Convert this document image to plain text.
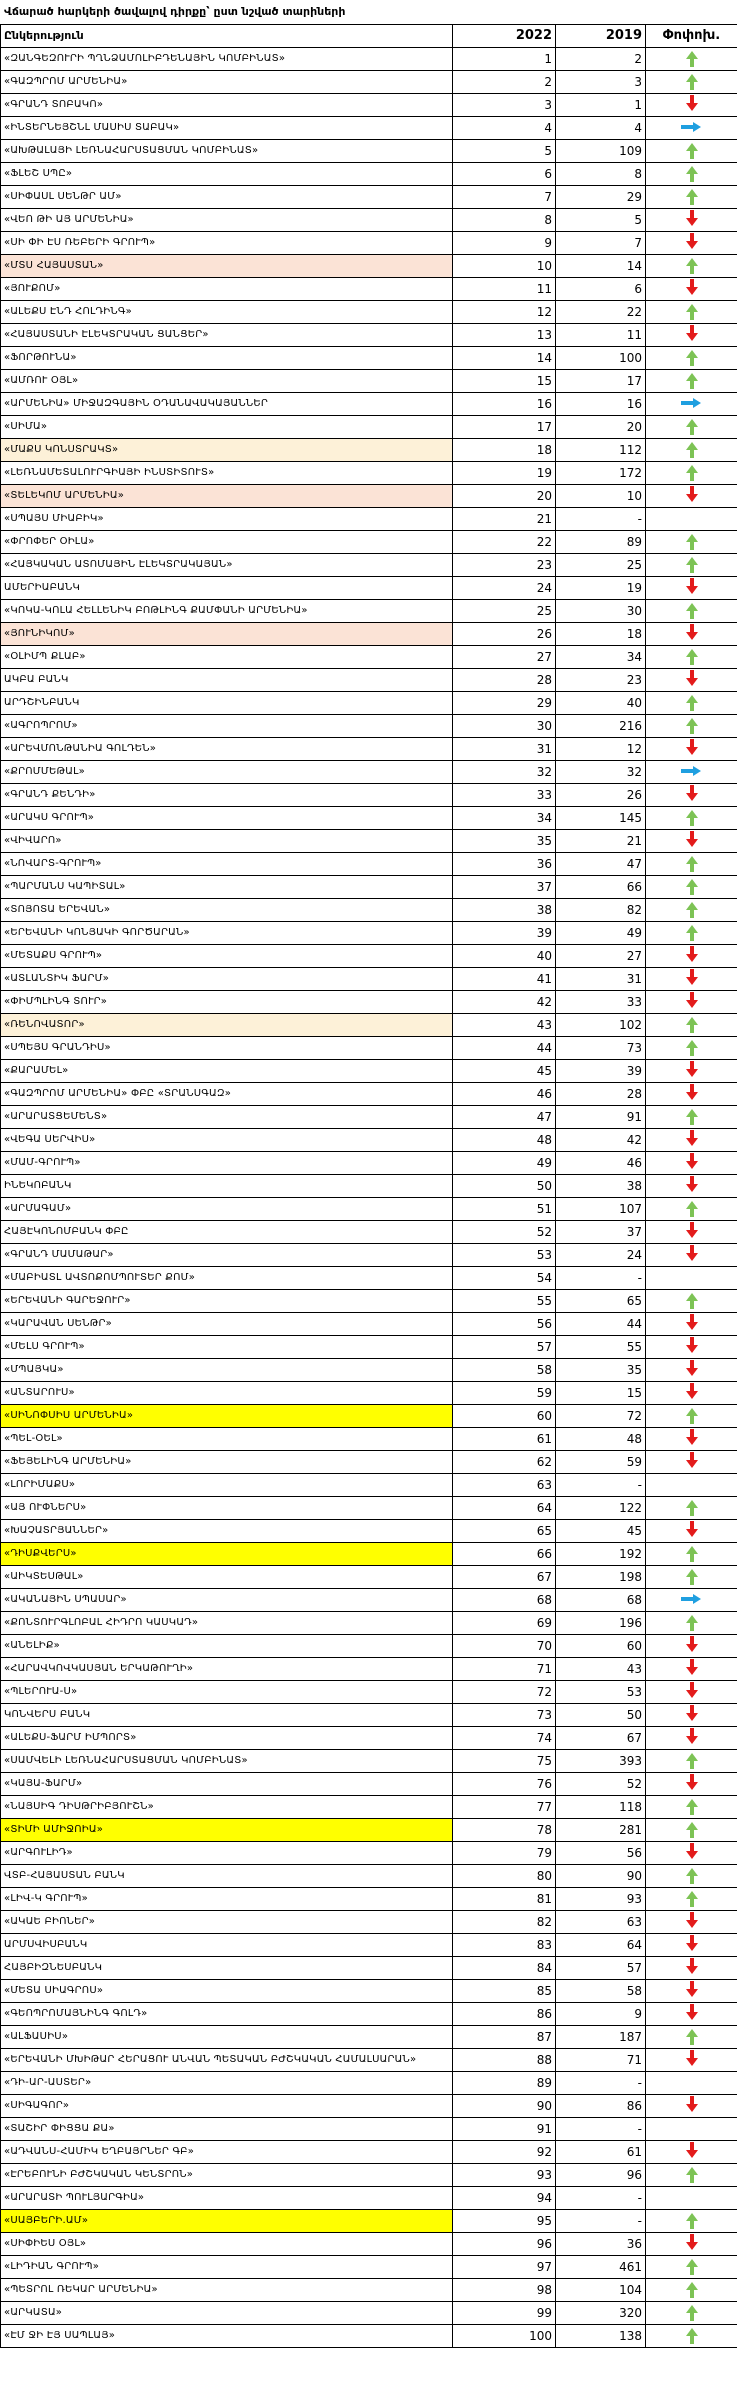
Վճարած հարկերի ծավալով դիրքը՝ ըստ նշված տարիների
Ընկերություն	2022	2019	Փոփոխ.
«ԶԱՆԳԵԶՈՒՐԻ ՊՂՆՁԱՄՈԼԻԲԴԵՆԱՅԻՆ ԿՈՄԲԻՆԱՏ»	1	2	
«ԳԱԶՊՐՈՄ ԱՐՄԵՆԻԱ»	2	3	
«ԳՐԱՆԴ ՏՈԲԱԿՈ»	3	1	
«ԻՆՏԵՐՆԵՅՇՆԼ ՄԱՍԻՍ ՏԱԲԱԿ»	4	4	
«ԱԽԹԱԼԱՅԻ ԼԵՌՆԱՀԱՐՍՏԱՑՄԱՆ ԿՈՄԲԻՆԱՏ»	5	109	
«ՖԼԵՇ ՍՊԸ»	6	8	
«ՍԻՓԱՍԼ ՍԵՆԹՐ ԱՄ»	7	29	
«ՎԵՈ ԹԻ ԱՅ ԱՐՄԵՆԻԱ»	8	5	
«ՍԻ ՓԻ ԷՍ ՌԵԲԵՐԻ ԳՐՈՒՊ»	9	7	
«ՄՏՍ ՀԱՅԱՍՏԱՆ»	10	14	
«ՅՈՒՔՈՄ»	11	6	
«ԱԼԵՔՍ ԷՆԴ ՀՈԼԴԻՆԳ»	12	22	
«ՀԱՅԱՍՏԱՆԻ ԷԼԵԿՏՐԱԿԱՆ ՑԱՆՑԵՐ»	13	11	
«ՖՈՐԹՈՒՆԱ»	14	100	
«ԱՄՌՈՒ ՕՅԼ»	15	17	
«ԱՐՄԵՆԻԱ» ՄԻՋԱԶԳԱՅԻՆ ՕԴԱՆԱՎԱԿԱՅԱՆՆԵՐ	16	16	
«ՍԻՄԱ»	17	20	
«ՄԱՔՍ ԿՈՆՍՏՐԱԿՏ»	18	112	
«ԼԵՌՆԱՄԵՏԱԼՈՒՐԳԻԱՅԻ ԻՆՍՏԻՏՈՒՏ»	19	172	
«ՏԵԼԵԿՈՄ ԱՐՄԵՆԻԱ»	20	10	
«ՍՊԱՅՍ ՄԻԱԲԻԿ»	21	-	
«ՓՐՈՓԵՐ ՕԻԼԱ»	22	89	
«ՀԱՅԿԱԿԱՆ ԱՏՈՄԱՅԻՆ ԷԼԵԿՏՐԱԿԱՅԱՆ»	23	25	
ԱՄԵՐԻԱԲԱՆԿ	24	19	
«ԿՈԿԱ-ԿՈԼԱ ՀԵԼԼԵՆԻԿ ԲՈԹԼԻՆԳ ՔԱՄՓԱՆԻ ԱՐՄԵՆԻԱ»	25	30	
«ՅՈՒՆԻԿՈՄ»	26	18	
«ՕԼԻՄՊ ՔԼԱԲ»	27	34	
ԱԿԲԱ ԲԱՆԿ	28	23	
ԱՐԴՇԻՆԲԱՆԿ	29	40	
«ԱԳՐՈՊՐՈՄ»	30	216	
«ԱՐԵՎՄՈՆԹԱՆԻԱ ԳՈԼԴԵՆ»	31	12	
«ՔՐՈՄՄԵԹԱԼ»	32	32	
«ԳՐԱՆԴ ՔԵՆԴԻ»	33	26	
«ԱՐԱԿՍ ԳՐՈՒՊ»	34	145	
«ՎԻՎԱՐՈ»	35	21	
«ՆՈՎԱՐՏ-ԳՐՈՒՊ»	36	47	
«ՊԱՐՄԱՆՍ ԿԱՊԻՏԱԼ»	37	66	
«ՏՈՅՈՏԱ ԵՐԵՎԱՆ»	38	82	
«ԵՐԵՎԱՆԻ ԿՈՆՅԱԿԻ ԳՈՐԾԱՐԱՆ»	39	49	
«ՄԵՏԱՔՍ ԳՐՈՒՊ»	40	27	
«ԱՏԼԱՆՏԻԿ ՖԱՐՄ»	41	31	
«ՓԻՄՊԼԻՆԳ ՏՈՒՐ»	42	33	
«ՌԵՆՈՎԱՏՈՐ»	43	102	
«ՍՊԵՅՍ ԳՐԱՆԴԻՍ»	44	73	
«ՔԱՐԱՄԵԼ»	45	39	
«ԳԱԶՊՐՈՄ ԱՐՄԵՆԻԱ» ՓԲԸ «ՏՐԱՆՍԳԱԶ»	46	28	
«ԱՐԱՐԱՏՑԵՄԵՆՏ»	47	91	
«ՎԵԳԱ ՍԵՐՎԻՍ»	48	42	
«ՄԱՄ-ԳՐՈՒՊ»	49	46	
ԻՆԵԿՈԲԱՆԿ	50	38	
«ԱՐՄԱԳԱՄ»	51	107	
ՀԱՅԷԿՈՆՈՄԲԱՆԿ ՓԲԸ	52	37	
«ԳՐԱՆԴ ՄԱՄԱԹԱՐ»	53	24	
«ՄԱԲԻԱՏԼ ԱՎՏՈՔՈՄՊՈՒՏԵՐ ՔՈՄ»	54	-	
«ԵՐԵՎԱՆԻ ԳԱՐԵՋՈՒՐ»	55	65	
«ԿԱՐԱՎԱՆ ՍԵՆԹՐ»	56	44	
«ՄԵԼՍ ԳՐՈՒՊ»	57	55	
«ՄՊԱՅԿԱ»	58	35	
«ԱՆՏԱՐՈՒՍ»	59	15	
«ՍԻՆՈՓՍԻՍ ԱՐՄԵՆԻԱ»	60	72	
«ՊԵԼ-ՕԵԼ»	61	48	
«ՖԵՅԵԼԻՆԳ ԱՐՄԵՆԻԱ»	62	59	
«ԼՈՐԻՄԱՔՍ»	63	-	
«ԱՅ ՈՒՓՆԵՐՍ»	64	122	
«ԽԱՉԱՏՐՅԱՆՆԵՐ»	65	45	
«ԴԻՍՔՎԵՐՍ»	66	192	
«ԱԻԿՏԵՍԹԱԼ»	67	198	
«ԱԿԱՆԱՅԻՆ ՍՊԱՍԱՐ»	68	68	
«ՔՈՆՏՈՒՐԳԼՈԲԱԼ ՀԻԴՐՈ ԿԱՍԿԱԴ»	69	196	
«ԱՆԵԼԻՔ»	70	60	
«ՀԱՐԱՎԿՈՎԿԱՍՅԱՆ ԵՐԿԱԹՈՒՂԻ»	71	43	
«ՊԼԵՐՈՒԱ-Ս»	72	53	
ԿՈՆՎԵՐՍ ԲԱՆԿ	73	50	
«ԱԼԵՔՍ-ՖԱՐՄ ԻՄՊՈՐՏ»	74	67	
«ՍԱՄՎԵԼԻ ԼԵՌՆԱՀԱՐՍՏԱՑՄԱՆ ԿՈՄԲԻՆԱՏ»	75	393	
«ԿԱՅԱ-ՖԱՐՄ»	76	52	
«ՆԱՅՍԻԳ ԴԻՍԹՐԻԲՅՈՒՇՆ»	77	118	
«ՏԻՄԻ ԱՄԻՋՈԻԱ»	78	281	
«ԱՐԳՈՒԼԻԴ»	79	56	
ՎՏԲ-ՀԱՅԱՍՏԱՆ ԲԱՆԿ	80	90	
«ԼԻՎ-Կ ԳՐՈՒՊ»	81	93	
«ԱԿԱԵ ԲԻՈՆԵՐ»	82	63	
ԱՐՄՍՎԻՍԲԱՆԿ	83	64	
ՀԱՅԲԻԶՆԵՍԲԱՆԿ	84	57	
«ՄԵՏԱ ՍԻԱԳՐՈՍ»	85	58	
«ԳԵՈՊՐՈՄԱՅՆԻՆԳ ԳՈԼԴ»	86	9	
«ԱԼՖԱՍԻՍ»	87	187	
«ԵՐԵՎԱՆԻ ՄԽԻԹԱՐ ՀԵՐԱՑՈՒ ԱՆՎԱՆ ՊԵՏԱԿԱՆ ԲԺՇԿԱԿԱՆ ՀԱՄԱԼՍԱՐԱՆ»	88	71	
«ԴԻ-ԱՐ-ԱՍՏԵՐ»	89	-	
«ՍԻԳԱԳՈՐ»	90	86	
«ՏԱՇԻՐ ՓԻՑՑԱ ՔԱ»	91	-	
«ԱԴՎԱՆՍ-ՀԱՄԻԿ ԵՂԲԱՅՐՆԵՐ ԳԲ»	92	61	
«ԷՐԵԲՈՒՆԻ ԲԺՇԿԱԿԱՆ ԿԵՆՏՐՈՆ»	93	96	
«ԱՐԱՐԱՏԻ ՊՈՒԼՅԱՐԳԻԱ»	94	-	
«ՍԱՅԲԵՐԻ.ԱՄ»	95	-	
«ՍԻՓԻԵՍ ՕՅԼ»	96	36	
«ԼԻԴԻԱՆ ԳՐՈՒՊ»	97	461	
«ՊԵՏՐՈԼ ՌԵԿԱՐ ԱՐՄԵՆԻԱ»	98	104	
«ԱՐԿԱՏԱ»	99	320	
«ԷՄ ՋԻ ԷՅ ՍԱՊԼԱՅ»	100	138	
